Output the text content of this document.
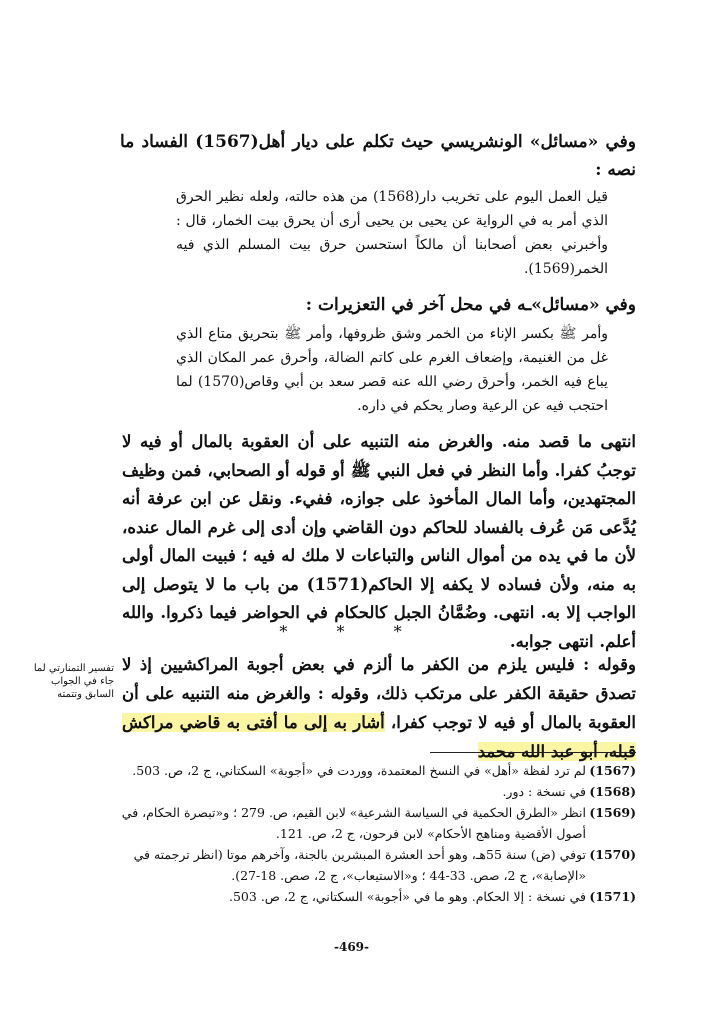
وفي «مسائل» الونشريسي حيث تكلم على ديار أهل(1567) الفساد ما نصه :

قيل العمل اليوم على تخريب دار(1568) من هذه حالته، ولعله نظير الحرق الذي أمر به في الرواية عن يحيى بن يحيى أرى أن يحرق بيت الخمار، قال : وأخبرني بعض أصحابنا أن مالكاً استحسن حرق بيت المسلم الذي فيه الخمر(1569).

وفي «مسائل»ـه في محل آخر في التعزيرات :

وأمر ﷺ بكسر الإناء من الخمر وشق ظروفها، وأمر ﷺ بتحريق متاع الذي غل من الغنيمة، وإضعاف الغرم على كاتم الضالة، وأحرق عمر المكان الذي يباع فيه الخمر، وأحرق رضي الله عنه قصر سعد بن أبي وقاص(1570) لما احتجب فيه عن الرعية وصار يحكم في داره.

انتهى ما قصد منه. والغرض منه التنبيه على أن العقوبة بالمال أو فيه لا توجبُ كفرا. وأما النظر في فعل النبي ﷺ أو قوله أو الصحابي، فمن وظيف المجتهدين، وأما المال المأخوذ على جوازه، ففيء. ونقل عن ابن عرفة أنه يُدَّعى مَن عُرف بالفساد للحاكم دون القاضي وإن أدى إلى غرم المال عنده، لأن ما في يده من أموال الناس والتباعات لا ملك له فيه ؛ فبيت المال أولى به منه، ولأن فساده لا يكفه إلا الحاكم(1571) من باب ما لا يتوصل إلى الواجب إلا به. انتهى. وضُمَّانُ الجبل كالحكام في الحواضر فيما ذكروا. والله أعلم. انتهى جوابه.

* * *

وقوله : فليس يلزم من الكفر ما ألزم في بعض أجوبة المراكشيين إذ لا تصدق حقيقة الكفر على مرتكب ذلك، وقوله : والغرض منه التنبيه على أن العقوبة بالمال أو فيه لا توجب كفرا، أشار به إلى ما أفتى به قاضي مراكش قبله، أبو عبد الله محمد

تفسير التمنارتي لما جاء في الجواب السابق وتتمته
(1567)
لم ترد لفظة «أهل» في النسخ المعتمدة، ووردت في «أجوبة» السكتاني، ج 2، ص. 503.
(1568)
في نسخة : دور.
(1569)
انظر «الطرق الحكمية في السياسة الشرعية» لابن القيم، ص. 279 ؛ و«تبصرة الحكام، في أصول الأقضية ومناهج الأحكام» لابن فرحون، ج 2، ص. 121.
(1570)
توفي (ض) سنة 55هـ، وهو أحد العشرة المبشرين بالجنة، وآخرهم موتا (انظر ترجمته في «الإصابة»، ج 2، صص. 33-44 ؛ و«الاستيعاب»، ج 2، صص. 18-27).
(1571)
في نسخة : إلا الحكام. وهو ما في «أجوبة» السكتاني، ج 2، ص. 503.
-469-
